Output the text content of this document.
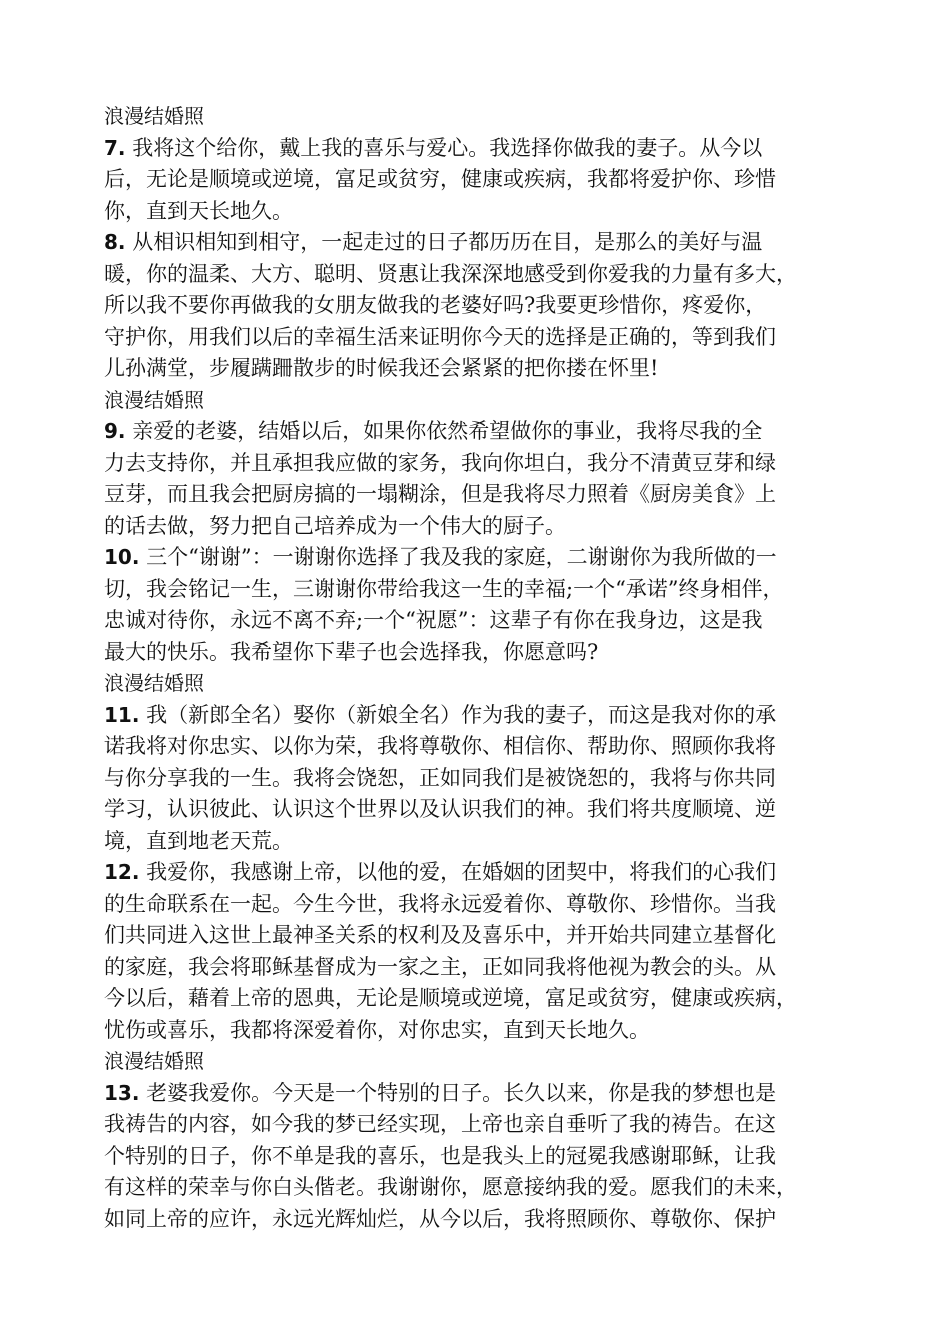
浪漫结婚照
7. 我将这个给你，戴上我的喜乐与爱心。我选择你做我的妻子。从今以
后，无论是顺境或逆境，富足或贫穷，健康或疾病，我都将爱护你、珍惜
你，直到天长地久。
8. 从相识相知到相守，一起走过的日子都历历在目，是那么的美好与温
暖，你的温柔、大方、聪明、贤惠让我深深地感受到你爱我的力量有多大，
所以我不要你再做我的女朋友做我的老婆好吗?我要更珍惜你，疼爱你，
守护你，用我们以后的幸福生活来证明你今天的选择是正确的，等到我们
儿孙满堂，步履蹒跚散步的时候我还会紧紧的把你搂在怀里!
浪漫结婚照
9. 亲爱的老婆，结婚以后，如果你依然希望做你的事业，我将尽我的全
力去支持你，并且承担我应做的家务，我向你坦白，我分不清黄豆芽和绿
豆芽，而且我会把厨房搞的一塌糊涂，但是我将尽力照着《厨房美食》上
的话去做，努力把自己培养成为一个伟大的厨子。
10. 三个“谢谢”：一谢谢你选择了我及我的家庭，二谢谢你为我所做的一
切，我会铭记一生，三谢谢你带给我这一生的幸福;一个“承诺”终身相伴，
忠诚对待你，永远不离不弃;一个“祝愿”：这辈子有你在我身边，这是我
最大的快乐。我希望你下辈子也会选择我，你愿意吗?
浪漫结婚照
11. 我（新郎全名）娶你（新娘全名）作为我的妻子，而这是我对你的承
诺我将对你忠实、以你为荣，我将尊敬你、相信你、帮助你、照顾你我将
与你分享我的一生。我将会饶恕，正如同我们是被饶恕的，我将与你共同
学习，认识彼此、认识这个世界以及认识我们的神。我们将共度顺境、逆
境，直到地老天荒。
12. 我爱你，我感谢上帝，以他的爱，在婚姻的团契中，将我们的心我们
的生命联系在一起。今生今世，我将永远爱着你、尊敬你、珍惜你。当我
们共同进入这世上最神圣关系的权利及及喜乐中，并开始共同建立基督化
的家庭，我会将耶稣基督成为一家之主，正如同我将他视为教会的头。从
今以后，藉着上帝的恩典，无论是顺境或逆境，富足或贫穷，健康或疾病，
忧伤或喜乐，我都将深爱着你，对你忠实，直到天长地久。
浪漫结婚照
13. 老婆我爱你。今天是一个特别的日子。长久以来，你是我的梦想也是
我祷告的内容，如今我的梦已经实现，上帝也亲自垂听了我的祷告。在这
个特别的日子，你不单是我的喜乐，也是我头上的冠冕我感谢耶稣，让我
有这样的荣幸与你白头偕老。我谢谢你，愿意接纳我的爱。愿我们的未来，
如同上帝的应许，永远光辉灿烂，从今以后，我将照顾你、尊敬你、保护
